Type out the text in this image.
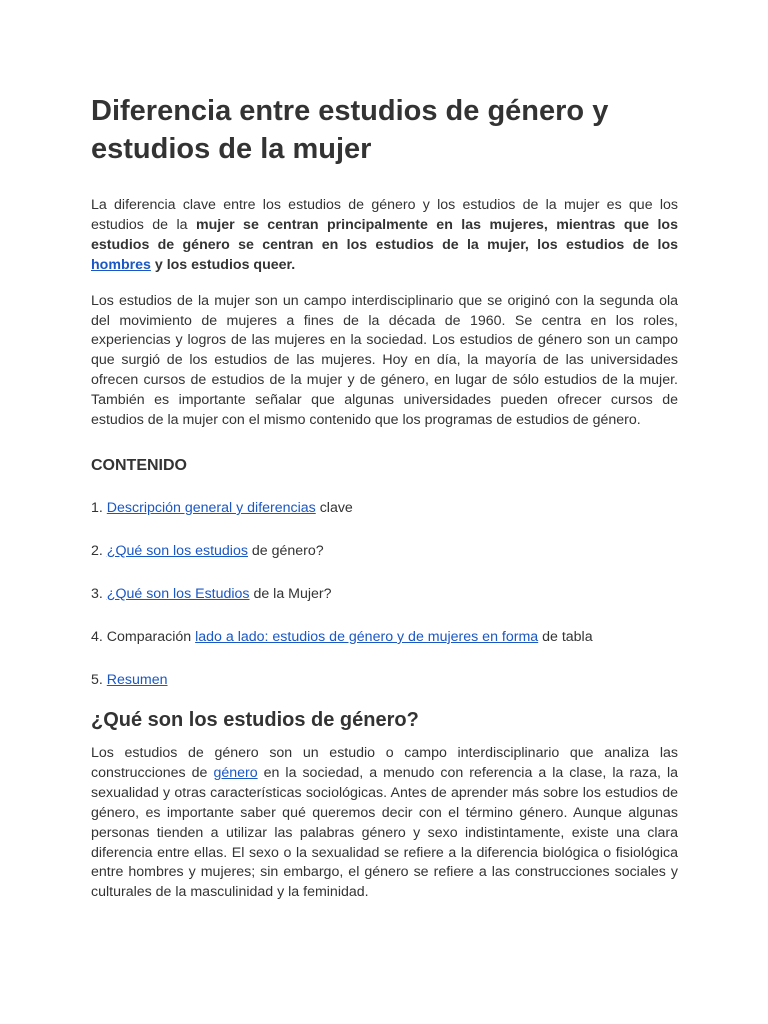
Diferencia entre estudios de género y estudios de la mujer

La diferencia clave entre los estudios de género y los estudios de la mujer es que los estudios de la mujer se centran principalmente en las mujeres, mientras que los estudios de género se centran en los estudios de la mujer, los estudios de los hombres y los estudios queer.

Los estudios de la mujer son un campo interdisciplinario que se originó con la segunda ola del movimiento de mujeres a fines de la década de 1960. Se centra en los roles, experiencias y logros de las mujeres en la sociedad. Los estudios de género son un campo que surgió de los estudios de las mujeres. Hoy en día, la mayoría de las universidades ofrecen cursos de estudios de la mujer y de género, en lugar de sólo estudios de la mujer. También es importante señalar que algunas universidades pueden ofrecer cursos de estudios de la mujer con el mismo contenido que los programas de estudios de género.

CONTENIDO
1. Descripción general y diferencias clave
2. ¿Qué son los estudios de género?
3. ¿Qué son los Estudios de la Mujer?
4. Comparación lado a lado: estudios de género y de mujeres en forma de tabla
5. Resumen
¿Qué son los estudios de género?

Los estudios de género son un estudio o campo interdisciplinario que analiza las construcciones de género en la sociedad, a menudo con referencia a la clase, la raza, la sexualidad y otras características sociológicas. Antes de aprender más sobre los estudios de género, es importante saber qué queremos decir con el término género. Aunque algunas personas tienden a utilizar las palabras género y sexo indistintamente, existe una clara diferencia entre ellas. El sexo o la sexualidad se refiere a la diferencia biológica o fisiológica entre hombres y mujeres; sin embargo, el género se refiere a las construcciones sociales y culturales de la masculinidad y la feminidad.
